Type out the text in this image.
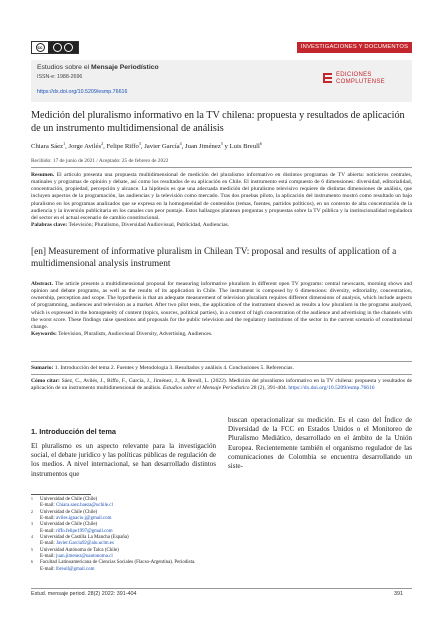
cc	INVESTIGACIONES Y DOCUMENTOS
Estudios sobre el Mensaje Periodístico
ISSN-e: 1988-2696
https://dx.doi.org/10.5209/esmp.76616
EDICIONES
COMPLUTENSE
Medición del pluralismo informativo en la TV chilena: propuesta y resultados de aplicación de un instrumento multidimensional de análisis
Chiara Sáez$^1$, Jorge Avilés$^2$, Felipe Riffo$^3$, Javier García$^4$, Juan Jiménez$^5$ y Luis Breull$^6$
Recibido: 17 de junio de 2021 / Aceptado: 25 de febrero de 2022
Resumen. El artículo presenta una propuesta multidimensional de medición del pluralismo informativo en distintos programas de TV abierta: noticieros centrales, matinales y programas de opinión y debate, así como los resultados de su aplicación en Chile. El instrumento está compuesto de 6 dimensiones: diversidad, editorialidad, concentración, propiedad, percepción y alcance. La hipótesis es que una adecuada medición del pluralismo televisivo requiere de distintas dimensiones de análisis, que incluyen aspectos de la programación, las audiencias y la televisión como mercado. Tras dos pruebas piloto, la aplicación del instrumento mostró como resultado un bajo pluralismo en los programas analizados que se expresa en la homogeneidad de contenidos (temas, fuentes, partidos políticos), en un contexto de alta concentración de la audiencia y la inversión publicitaria en los canales con peor puntaje. Estos hallazgos plantean preguntas y propuestas sobre la TV pública y la institucionalidad reguladora del sector en el actual escenario de cambio constitucional.
Palabras clave: Televisión; Pluralismo, Diversidad Audiovisual, Publicidad, Audiencias.
[en] Measurement of informative pluralism in Chilean TV: proposal and results of application of a multidimensional analysis instrument
Abstract. The article presents a multidimensional proposal for measuring informative pluralism in different open TV programs: central newscasts, morning shows and opinion and debate programs, as well as the results of its application in Chile. The instrument is composed by 6 dimensions: diversity, editoriality, concentration, ownership, perception and scope. The hypothesis is that an adequate measurement of television pluralism requires different dimensions of analysis, which include aspects of programming, audiences and television as a market. After two pilot tests, the application of the instrument showed as results a low pluralism in the programs analyzed, which is expressed in the homogeneity of content (topics, sources, political parties), in a context of high concentration of the audience and advertising in the channels with the worst score. These findings raise questions and proposals for the public television and the regulatory institutions of the sector in the current scenario of constitutional change.
Keywords: Television, Pluralism, Audiovisual Diversity, Advertising, Audiences.
Sumario: 1. Introducción del tema 2. Fuentes y Metodología 3. Resultados y análisis 4. Conclusiones 5. Referencias.
Cómo citar: Sáez, C., Avilés, J., Riffo, F., García, J., Jiménez, J., & Breull, L. (2022). Medición del pluralismo informativo en la TV chilena: propuesta y resultados de aplicación de un instrumento multidimensional de análisis. Estudios sobre el Mensaje Periodístico 28 (2), 391-404. https://dx.doi.org/10.5209/esmp.76616
1. Introducción del tema
El pluralismo es un aspecto relevante para la investigación social, el debate jurídico y las políticas públicas de regulación de los medios. A nivel internacional, se han desarrollado distintos instrumentos que
buscan operacionalizar su medición. Es el caso del Índice de Diversidad de la FCC en Estados Unidos o el Monitoreo de Pluralismo Mediático, desarrollado en el ámbito de la Unión Europea. Recientemente también el organismo regulador de las comunicaciones de Colombia se encuentra desarrollando un siste-
1 Universidad de Chile (Chile)
E-mail: Chiara.saez.baeza@uchile.cl
2 Universidad de Chile (Chile)
E-mail: aviles.ignacio.j@gmail.com
3 Universidad de Chile (Chile)
E-mail: riffo.felipe1997@gmail.com
4 Universidad de Castilla La Mancha (España)
E-mail: Javier.Garcia92@alu.uclm.es
5 Universidad Autónoma de Talca (Chile)
E-mail: juan.jimenez@uautonoma.cl
6 Facultad Latinoamericana de Ciencias Sociales (Flacso-Argentina). Periodista.
E-mail: lbreull@gmail.com
Estud. mensaje period. 28(2) 2022: 391-404	391
